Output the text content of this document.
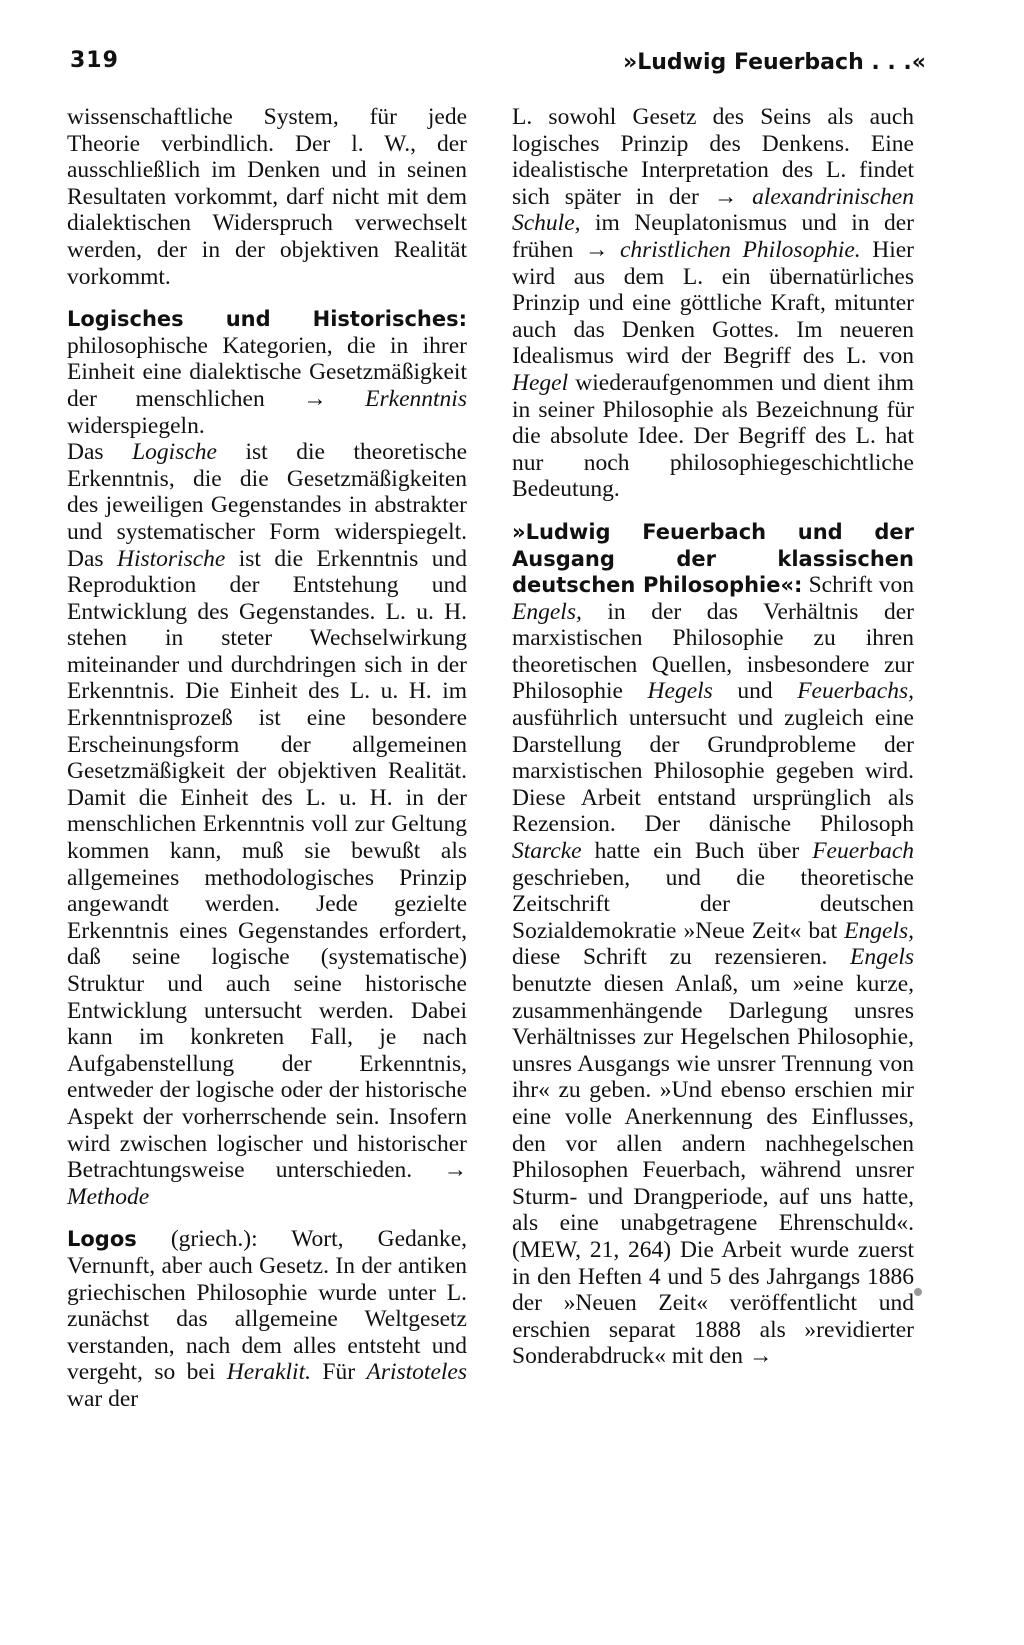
319	»Ludwig Feuerbach . . .«

wissenschaftliche System, für jede Theorie verbindlich. Der l. W., der ausschließlich im Denken und in seinen Resultaten vorkommt, darf nicht mit dem dialektischen Widerspruch verwechselt werden, der in der objektiven Realität vorkommt.

Logisches und Historisches: philosophische Kategorien, die in ihrer Einheit eine dialektische Gesetzmäßigkeit der menschlichen → Erkenntnis widerspiegeln.

Das Logische ist die theoretische Erkenntnis, die die Gesetzmäßigkeiten des jeweiligen Gegenstandes in abstrakter und systematischer Form widerspiegelt. Das Historische ist die Erkenntnis und Reproduktion der Entstehung und Entwicklung des Gegenstandes. L. u. H. stehen in steter Wechselwirkung miteinander und durchdringen sich in der Erkenntnis. Die Einheit des L. u. H. im Erkenntnisprozeß ist eine besondere Erscheinungsform der allgemeinen Gesetzmäßigkeit der objektiven Realität. Damit die Einheit des L. u. H. in der menschlichen Erkenntnis voll zur Geltung kommen kann, muß sie bewußt als allgemeines methodologisches Prinzip angewandt werden. Jede gezielte Erkenntnis eines Gegenstandes erfordert, daß seine logische (systematische) Struktur und auch seine historische Entwicklung untersucht werden. Dabei kann im konkreten Fall, je nach Aufgabenstellung der Erkenntnis, entweder der logische oder der historische Aspekt der vorherrschende sein. Insofern wird zwischen logischer und historischer Betrachtungsweise unterschieden. → Methode

Logos (griech.): Wort, Gedanke, Vernunft, aber auch Gesetz. In der antiken griechischen Philosophie wurde unter L. zunächst das allgemeine Weltgesetz verstanden, nach dem alles entsteht und vergeht, so bei Heraklit. Für Aristoteles war der

L. sowohl Gesetz des Seins als auch logisches Prinzip des Denkens. Eine idealistische Interpretation des L. findet sich später in der → alexandrinischen Schule, im Neuplatonismus und in der frühen → christlichen Philosophie. Hier wird aus dem L. ein übernatürliches Prinzip und eine göttliche Kraft, mitunter auch das Denken Gottes. Im neueren Idealismus wird der Begriff des L. von Hegel wiederaufgenommen und dient ihm in seiner Philosophie als Bezeichnung für die absolute Idee. Der Begriff des L. hat nur noch philosophiegeschichtliche Bedeutung.

»Ludwig Feuerbach und der Ausgang der klassischen deutschen Philosophie«: Schrift von Engels, in der das Verhältnis der marxistischen Philosophie zu ihren theoretischen Quellen, insbesondere zur Philosophie Hegels und Feuerbachs, ausführlich untersucht und zugleich eine Darstellung der Grundprobleme der marxistischen Philosophie gegeben wird. Diese Arbeit entstand ursprünglich als Rezension. Der dänische Philosoph Starcke hatte ein Buch über Feuerbach geschrieben, und die theoretische Zeitschrift der deutschen Sozialdemokratie »Neue Zeit« bat Engels, diese Schrift zu rezensieren. Engels benutzte diesen Anlaß, um »eine kurze, zusammenhängende Darlegung unsres Verhältnisses zur Hegelschen Philosophie, unsres Ausgangs wie unsrer Trennung von ihr« zu geben. »Und ebenso erschien mir eine volle Anerkennung des Einflusses, den vor allen andern nachhegelschen Philosophen Feuerbach, während unsrer Sturm- und Drangperiode, auf uns hatte, als eine unabgetragene Ehrenschuld«. (MEW, 21, 264) Die Arbeit wurde zuerst in den Heften 4 und 5 des Jahrgangs 1886 der »Neuen Zeit« veröffentlicht und erschien separat 1888 als »revidierter Sonderabdruck« mit den →
